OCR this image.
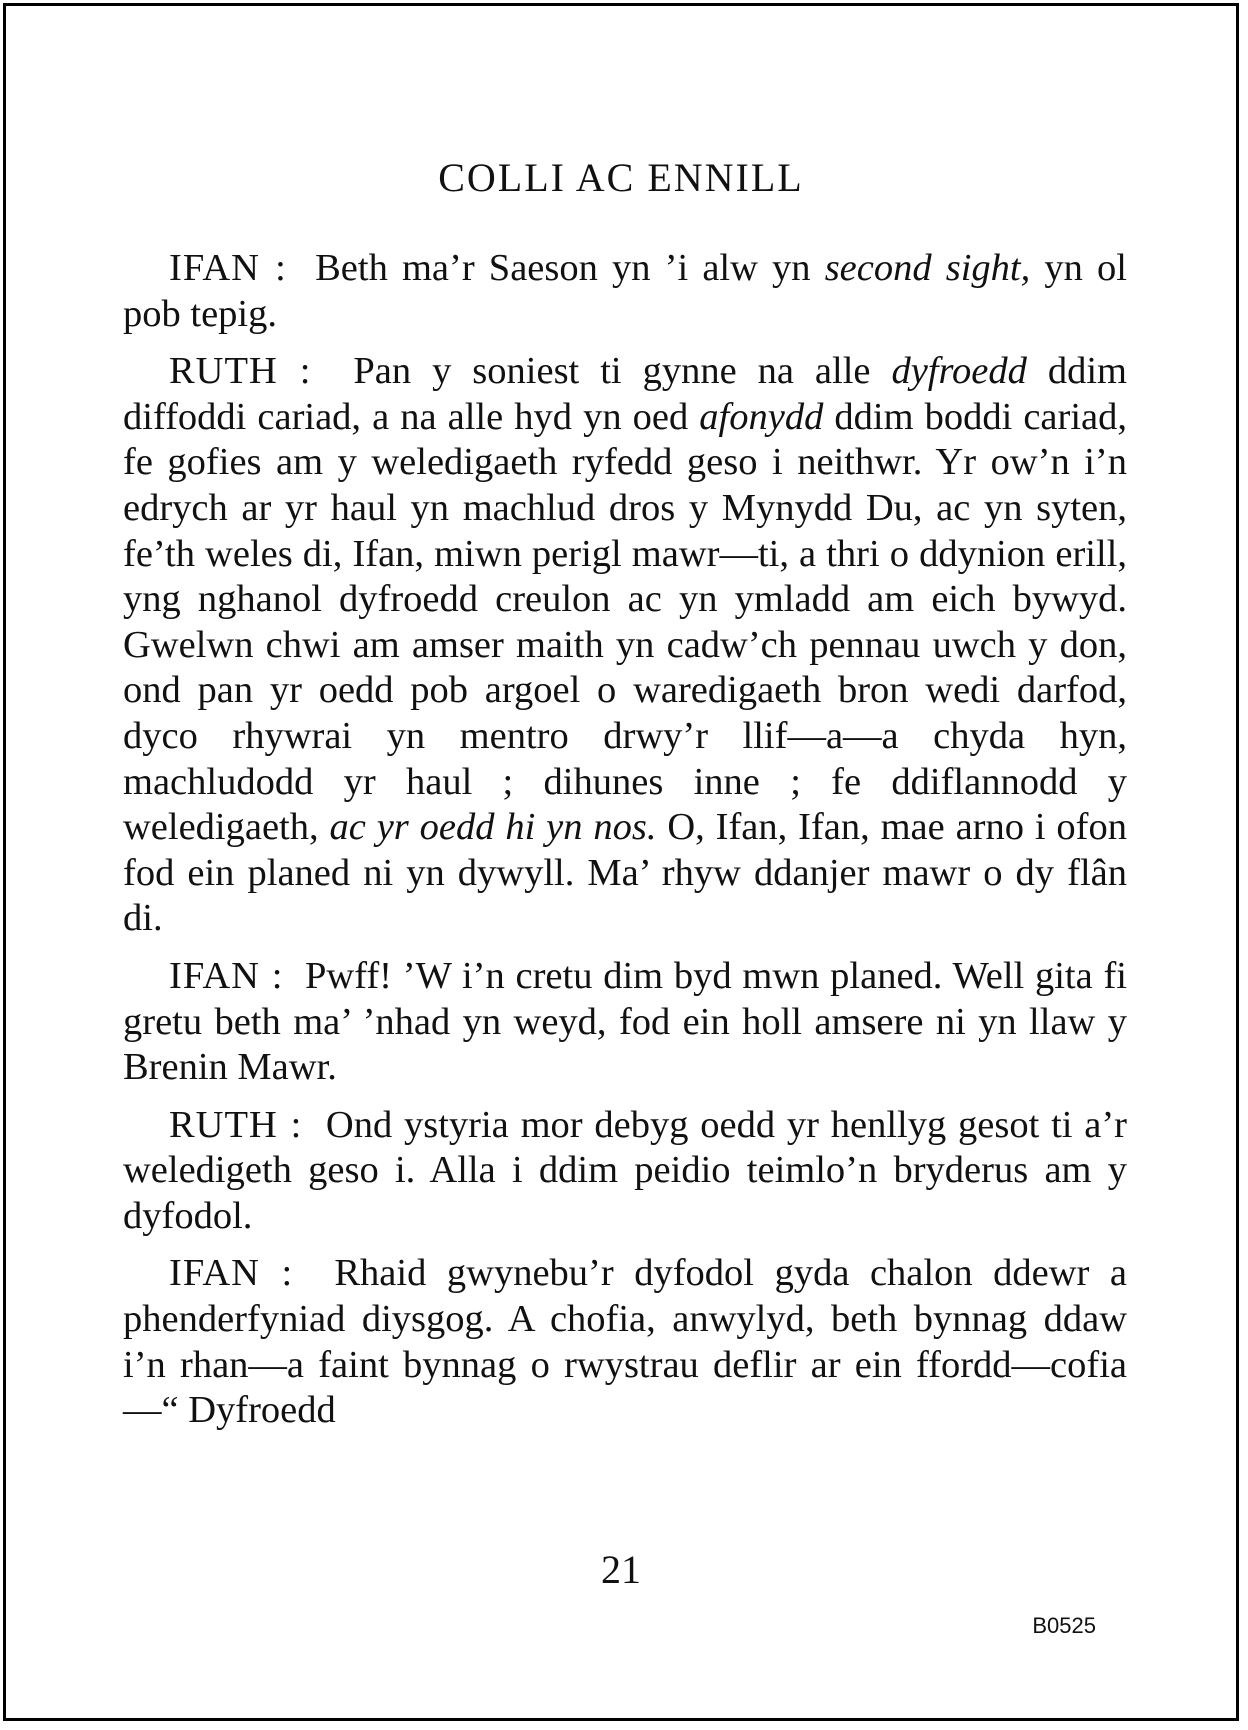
COLLI AC ENNILL

IFAN : Beth ma’r Saeson yn ’i alw yn second sight, yn ol pob tepig.

RUTH : Pan y soniest ti gynne na alle dyfroedd ddim diffoddi cariad, a na alle hyd yn oed afonydd ddim boddi cariad, fe gofies am y weledigaeth ryfedd geso i neithwr. Yr ow’n i’n edrych ar yr haul yn machlud dros y Mynydd Du, ac yn syten, fe’th weles di, Ifan, miwn perigl mawr—ti, a thri o ddynion erill, yng nghanol dyfroedd creulon ac yn ymladd am eich bywyd. Gwelwn chwi am amser maith yn cadw’ch pennau uwch y don, ond pan yr oedd pob argoel o waredigaeth bron wedi darfod, dyco rhywrai yn mentro drwy’r llif—a—a chyda hyn, machludodd yr haul ; dihunes inne ; fe ddiflannodd y weledigaeth, ac yr oedd hi yn nos. O, Ifan, Ifan, mae arno i ofon fod ein planed ni yn dywyll. Ma’ rhyw ddanjer mawr o dy flân di.

IFAN : Pwff! ’W i’n cretu dim byd mwn planed. Well gita fi gretu beth ma’ ’nhad yn weyd, fod ein holl amsere ni yn llaw y Brenin Mawr.

RUTH : Ond ystyria mor debyg oedd yr henllyg gesot ti a’r weledigeth geso i. Alla i ddim peidio teimlo’n bryderus am y dyfodol.

IFAN : Rhaid gwynebu’r dyfodol gyda chalon ddewr a phenderfyniad diysgog. A chofia, anwylyd, beth bynnag ddaw i’n rhan—a faint bynnag o rwystrau deflir ar ein ffordd—cofia—“ Dyfroedd

21
B0525
